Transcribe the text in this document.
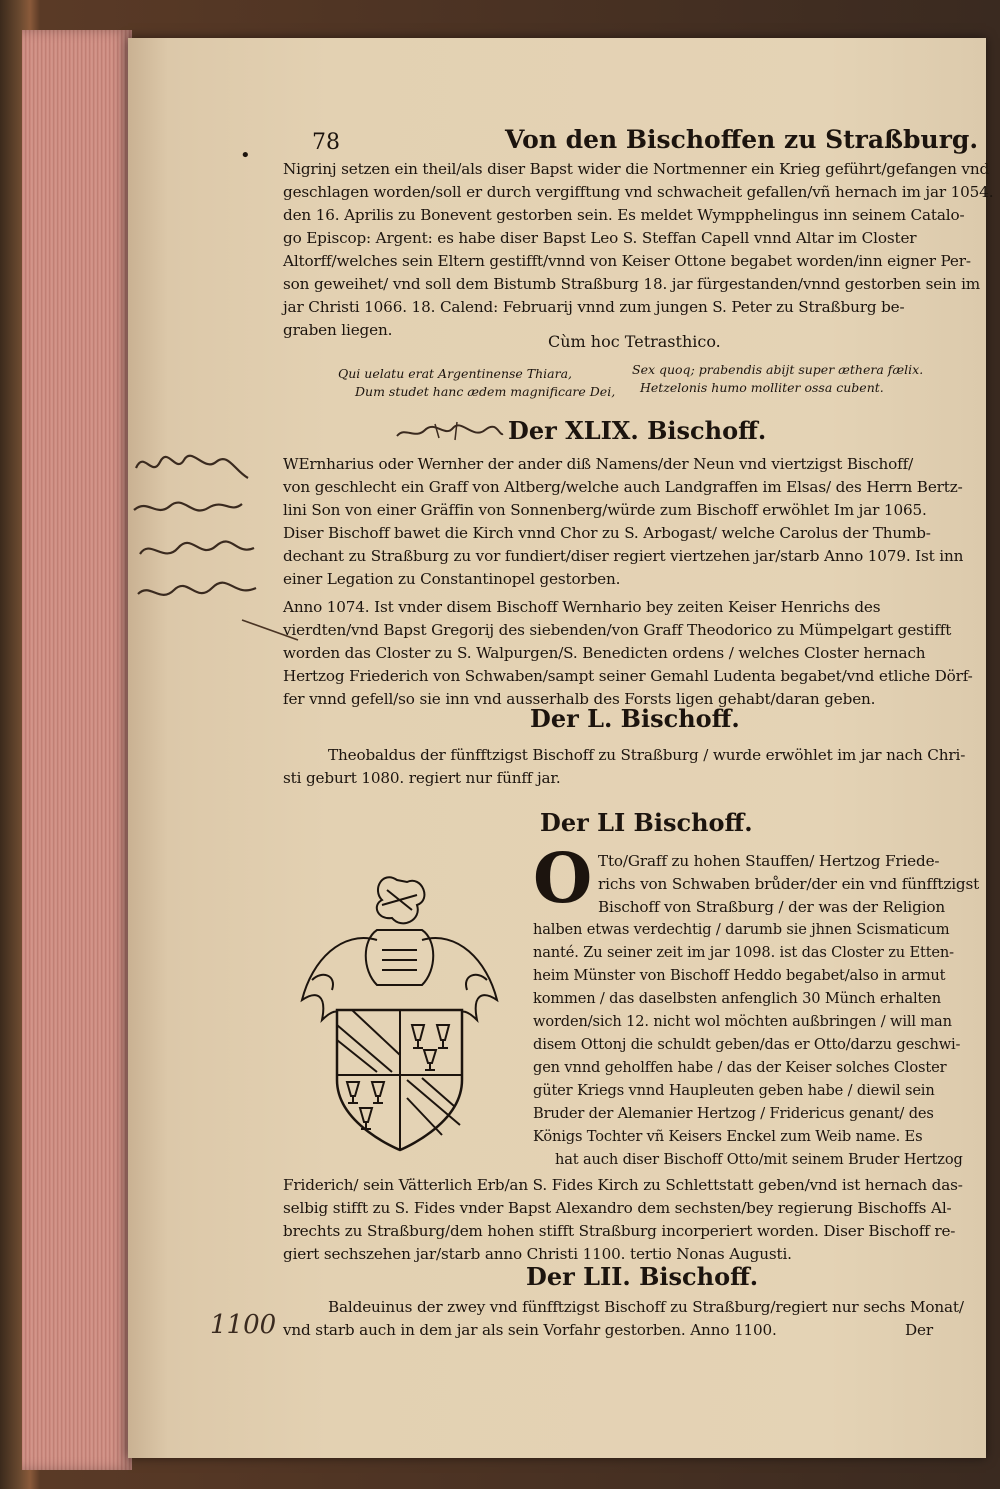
•
78	Von den Bischoffen zu Straßburg.
Nigrinj setzen ein theil/als diser Bapst wider die Nortmenner ein Krieg geführt/gefangen vnd
geschlagen worden/soll er durch vergifftung vnd schwacheit gefallen/vñ hernach im jar 1054.
den 16. Aprilis zu Bonevent gestorben sein. Es meldet Wympphelingus inn seinem Catalo-
go Episcop: Argent: es habe diser Bapst Leo S. Steffan Capell vnnd Altar im Closter
Altorff/welches sein Eltern gestifft/vnnd von Keiser Ottone begabet worden/inn eigner Per-
son geweihet/ vnd soll dem Bistumb Straßburg 18. jar fürgestanden/vnnd gestorben sein im
jar Christi 1066. 18. Calend: Februarij vnnd zum jungen S. Peter zu Straßburg be-
graben liegen.
Cùm hoc Tetrasthico.
Qui uelatu erat Argentinense Thiara,
Dum studet hanc ædem magnificare Dei,
Sex quoq; prabendis abijt super æthera fælix.
Hetzelonis humo molliter ossa cubent.
Der XLIX. Bischoff.
WErnharius oder Wernher der ander diß Namens/der Neun vnd viertzigst Bischoff/
von geschlecht ein Graff von Altberg/welche auch Landgraffen im Elsas/ des Herrn Bertz-
lini Son von einer Gräffin von Sonnenberg/würde zum Bischoff erwöhlet Im jar 1065.
Diser Bischoff bawet die Kirch vnnd Chor zu S. Arbogast/ welche Carolus der Thumb-
dechant zu Straßburg zu vor fundiert/diser regiert viertzehen jar/starb Anno 1079. Ist inn
einer Legation zu Constantinopel gestorben.
Anno 1074. Ist vnder disem Bischoff Wernhario bey zeiten Keiser Henrichs des
vierdten/vnd Bapst Gregorij des siebenden/von Graff Theodorico zu Mümpelgart gestifft
worden das Closter zu S. Walpurgen/S. Benedicten ordens / welches Closter hernach
Hertzog Friederich von Schwaben/sampt seiner Gemahl Ludenta begabet/vnd etliche Dörf-
fer vnnd gefell/so sie inn vnd ausserhalb des Forsts ligen gehabt/daran geben.
Der L. Bischoff.
Theobaldus der fünfftzigst Bischoff zu Straßburg / wurde erwöhlet im jar nach Chri-
sti geburt 1080. regiert nur fünff jar.
Der LI Bischoff.
O Tto/Graff zu hohen Stauffen/ Hertzog Friede-
richs von Schwaben brůder/der ein vnd fünfftzigst
Bischoff von Straßburg / der was der Religion
halben etwas verdechtig / darumb sie jhnen Scismaticum
nanté. Zu seiner zeit im jar 1098. ist das Closter zu Etten-
heim Münster von Bischoff Heddo begabet/also in armut
kommen / das daselbsten anfenglich 30 Münch erhalten
worden/sich 12. nicht wol möchten außbringen / will man
disem Ottonj die schuldt geben/das er Otto/darzu geschwi-
gen vnnd geholffen habe / das der Keiser solches Closter
güter Kriegs vnnd Haupleuten geben habe / diewil sein
Bruder der Alemanier Hertzog / Fridericus genant/ des
Königs Tochter vñ Keisers Enckel zum Weib name. Es
hat auch diser Bischoff Otto/mit seinem Bruder Hertzog
Friderich/ sein Vätterlich Erb/an S. Fides Kirch zu Schlettstatt geben/vnd ist hernach das-
selbig stifft zu S. Fides vnder Bapst Alexandro dem sechsten/bey regierung Bischoffs Al-
brechts zu Straßburg/dem hohen stifft Straßburg incorperiert worden. Diser Bischoff re-
giert sechszehen jar/starb anno Christi 1100. tertio Nonas Augusti.
Der LII. Bischoff.
Baldeuinus der zwey vnd fünfftzigst Bischoff zu Straßburg/regiert nur sechs Monat/
vnd starb auch in dem jar als sein Vorfahr gestorben. Anno 1100.	Der
1100
